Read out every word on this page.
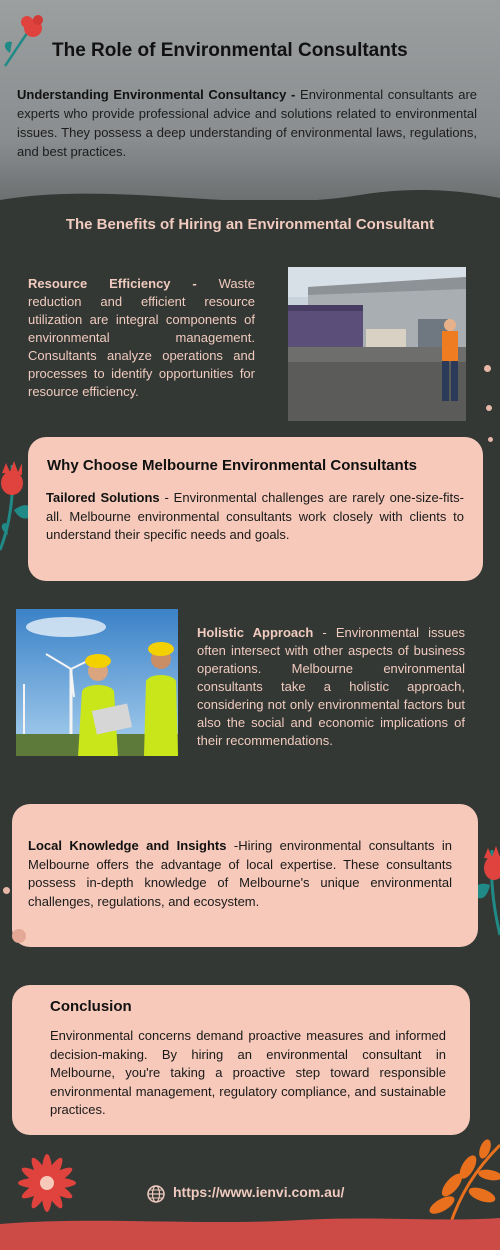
The Role of Environmental Consultants
Understanding Environmental Consultancy - Environmental consultants are experts who provide professional advice and solutions related to environmental issues. They possess a deep understanding of environmental laws, regulations, and best practices.
The Benefits of Hiring an Environmental Consultant
Resource Efficiency - Waste reduction and efficient resource utilization are integral components of environmental management. Consultants analyze operations and processes to identify opportunities for resource efficiency.
Why Choose Melbourne Environmental Consultants
Tailored Solutions - Environmental challenges are rarely one-size-fits-all. Melbourne environmental consultants work closely with clients to understand their specific needs and goals.
Holistic Approach - Environmental issues often intersect with other aspects of business operations. Melbourne environmental consultants take a holistic approach, considering not only environmental factors but also the social and economic implications of their recommendations.
Local Knowledge and Insights -Hiring environmental consultants in Melbourne offers the advantage of local expertise. These consultants possess in-depth knowledge of Melbourne's unique environmental challenges, regulations, and ecosystem.
Conclusion
Environmental concerns demand proactive measures and informed decision-making. By hiring an environmental consultant in Melbourne, you're taking a proactive step toward responsible environmental management, regulatory compliance, and sustainable practices.
https://www.ienvi.com.au/
